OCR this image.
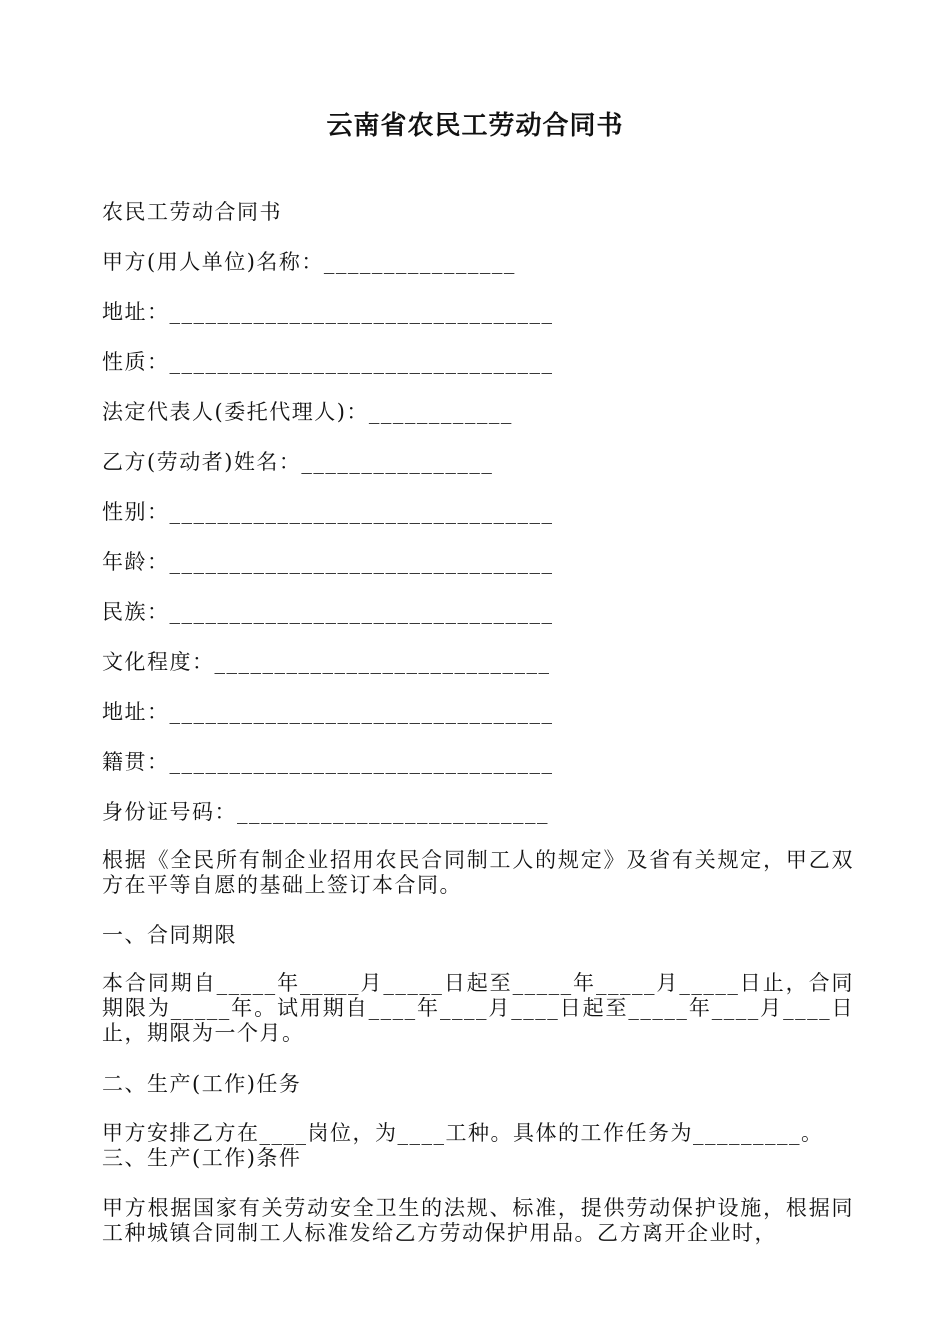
云南省农民工劳动合同书
农民工劳动合同书
甲方(用人单位)名称：________________
地址：________________________________
性质：________________________________
法定代表人(委托代理人)：____________
乙方(劳动者)姓名：________________
性别：________________________________
年龄：________________________________
民族：________________________________
文化程度：____________________________
地址：________________________________
籍贯：________________________________
身份证号码：__________________________
根据《全民所有制企业招用农民合同制工人的规定》及省有关规定，甲乙双方在平等自愿的基础上签订本合同。
一、合同期限
本合同期自_____年_____月_____日起至_____年_____月_____日止，合同期限为_____年。试用期自____年____月____日起至_____年____月____日止，期限为一个月。
二、生产(工作)任务
甲方安排乙方在____岗位，为____工种。具体的工作任务为_________。
三、生产(工作)条件
甲方根据国家有关劳动安全卫生的法规、标准，提供劳动保护设施，根据同工种城镇合同制工人标准发给乙方劳动保护用品。乙方离开企业时，
